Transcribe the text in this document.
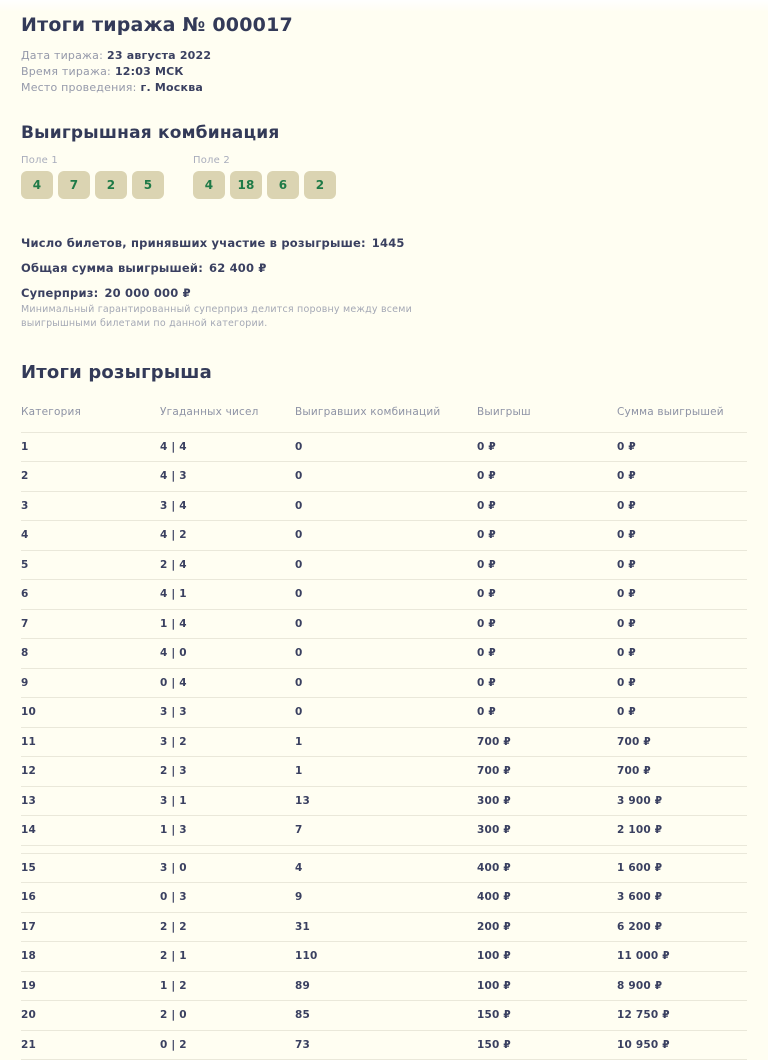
Итоги тиража № 000017
Дата тиража: 23 августа 2022
Время тиража: 12:03 МСК
Место проведения: г. Москва
Выигрышная комбинация
Поле 1
4	7	2	5
Поле 2
4	18	6	2
Число билетов, принявших участие в розыгрыше: 1445
Общая сумма выигрышей: 62 400 ₽
Суперприз: 20 000 000 ₽
Минимальный гарантированный суперприз делится поровну между всеми выигрышными билетами по данной категории.
Итоги розыгрыша
Категория	Угаданных чисел	Выигравших комбинаций	Выигрыш	Сумма выигрышей
1	4 | 4	0	0 ₽	0 ₽
2	4 | 3	0	0 ₽	0 ₽
3	3 | 4	0	0 ₽	0 ₽
4	4 | 2	0	0 ₽	0 ₽
5	2 | 4	0	0 ₽	0 ₽
6	4 | 1	0	0 ₽	0 ₽
7	1 | 4	0	0 ₽	0 ₽
8	4 | 0	0	0 ₽	0 ₽
9	0 | 4	0	0 ₽	0 ₽
10	3 | 3	0	0 ₽	0 ₽
11	3 | 2	1	700 ₽	700 ₽
12	2 | 3	1	700 ₽	700 ₽
13	3 | 1	13	300 ₽	3 900 ₽
14	1 | 3	7	300 ₽	2 100 ₽
15	3 | 0	4	400 ₽	1 600 ₽
16	0 | 3	9	400 ₽	3 600 ₽
17	2 | 2	31	200 ₽	6 200 ₽
18	2 | 1	110	100 ₽	11 000 ₽
19	1 | 2	89	100 ₽	8 900 ₽
20	2 | 0	85	150 ₽	12 750 ₽
21	0 | 2	73	150 ₽	10 950 ₽
